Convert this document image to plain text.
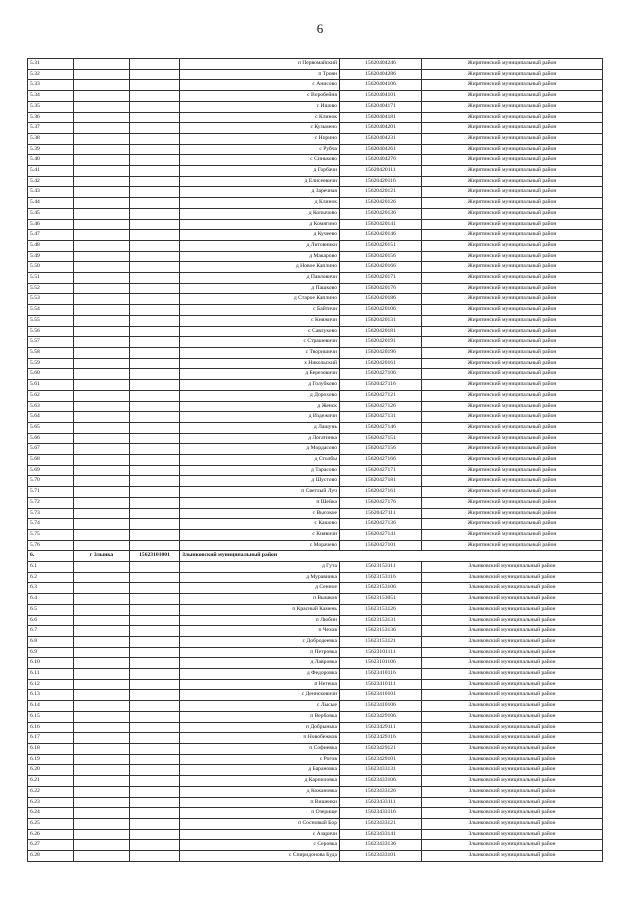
6
5.31			п Первомайский	15620404246	Жирятинский муниципальный район
5.32			п Троян	15620404286	Жирятинский муниципальный район
5.33			с Анисово	15620404106	Жирятинский муниципальный район
5.34			с Воробейня	15620404101	Жирятинский муниципальный район
5.35			с Ишово	15620404171	Жирятинский муниципальный район
5.36			с Клинок	15620404181	Жирятинский муниципальный район
5.37			с Кузьмено	15620404201	Жирятинский муниципальный район
5.38			с Норино	15620404231	Жирятинский муниципальный район
5.39			с Рубча	15620404261	Жирятинский муниципальный район
5.40			с Синьково	15620404276	Жирятинский муниципальный район
5.41			д Горбачи	15620420111	Жирятинский муниципальный район
5.42			д Елисеевичи	15620420116	Жирятинский муниципальный район
5.43			д Заречная	15620420121	Жирятинский муниципальный район
5.44			д Клинок	15620420126	Жирятинский муниципальный район
5.45			д Копычово	15620420136	Жирятинский муниципальный район
5.46			д Комягино	15620420141	Жирятинский муниципальный район
5.47			д Кучеево	15620420146	Жирятинский муниципальный район
5.48			д Литовники	15620420151	Жирятинский муниципальный район
5.49			д Макарово	15620420156	Жирятинский муниципальный район
5.50			д Новое Каплино	15620420166	Жирятинский муниципальный район
5.51			д Павловичи	15620420171	Жирятинский муниципальный район
5.52			д Пашково	15620420176	Жирятинский муниципальный район
5.53			д Старое Каплино	15620420186	Жирятинский муниципальный район
5.54			с Байтичи	15620420106	Жирятинский муниципальный район
5.55			с Княжичи	15620420131	Жирятинский муниципальный район
5.56			с Савлуково	15620420181	Жирятинский муниципальный район
5.57			с Страшевичи	15620420191	Жирятинский муниципальный район
5.58			с Творишичи	15620420196	Жирятинский муниципальный район
5.59			х Никольский	15620420161	Жирятинский муниципальный район
5.60			д Березовичи	15620427106	Жирятинский муниципальный район
5.61			д Голубково	15620427116	Жирятинский муниципальный район
5.62			д Дорохово	15620427121	Жирятинский муниципальный район
5.63			д Женск	15620427126	Жирятинский муниципальный район
5.64			д Издежичи	15620427131	Жирятинский муниципальный район
5.65			д Лашунь	15620427146	Жирятинский муниципальный район
5.66			д Логатинка	15620427151	Жирятинский муниципальный район
5.67			д Мордасово	15620427156	Жирятинский муниципальный район
5.68			д Столбы	15620427166	Жирятинский муниципальный район
5.69			д Тарасово	15620427171	Жирятинский муниципальный район
5.70			д Шустово	15620427181	Жирятинский муниципальный район
5.71			п Светлый Луч	15620427161	Жирятинский муниципальный район
5.72			п Шейка	15620427176	Жирятинский муниципальный район
5.73			с Высокое	15620427111	Жирятинский муниципальный район
5.74			с Кашово	15620427136	Жирятинский муниципальный район
5.75			с Княвичи	15620427141	Жирятинский муниципальный район
5.76			с Морачево	15620427101	Жирятинский муниципальный район
6.	г Злынка	15623101001	Злынковский муниципальный район		
6.1			д Гута	15623153111	Злынковский муниципальный район
6.2			д Муравинка	15623153116	Злынковский муниципальный район
6.3			д Сенное	15623153106	Злынковский муниципальный район
6.4			п Вышков	15623153051	Злынковский муниципальный район
6.5			п Красный Камень	15623153126	Злынковский муниципальный район
6.6			п Любин	15623153131	Злынковский муниципальный район
6.7			п Чехов	15623153136	Злынковский муниципальный район
6.8			с Добродеевка	15623153121	Злынковский муниципальный район
6.9			п Петровка	15623101111	Злынковский муниципальный район
6.10			д Лавровка	15623101106	Злынковский муниципальный район
6.11			д Федоровка	15623410116	Злынковский муниципальный район
6.12			п Нетеша	15623410111	Злынковский муниципальный район
6.13			с Денисковичи	15623410101	Злынковский муниципальный район
6.14			с Лысые	15623410106	Злынковский муниципальный район
6.15			п Вербовка	15623429106	Злынковский муниципальный район
6.16			п Добрынька	15623429111	Злынковский муниципальный район
6.17			п Новобежков	15623429116	Злынковский муниципальный район
6.18			п Софиевка	15623429121	Злынковский муниципальный район
6.19			с Рогов	15623429101	Злынковский муниципальный район
6.20			д Барановка	15623433131	Злынковский муниципальный район
6.21			д Карпиловка	15623433106	Злынковский муниципальный район
6.22			д Кожановка	15623433126	Злынковский муниципальный район
6.23			п Вишенки	15623433111	Злынковский муниципальный район
6.24			п Озерище	15623433116	Злынковский муниципальный район
6.25			п Сосновый Бор	15623433121	Злынковский муниципальный район
6.26			с Азаричи	15623433141	Злынковский муниципальный район
6.27			с Серовка	15623433136	Злынковский муниципальный район
6.28			с Спиридонова Буда	15623433101	Злынковский муниципальный район
